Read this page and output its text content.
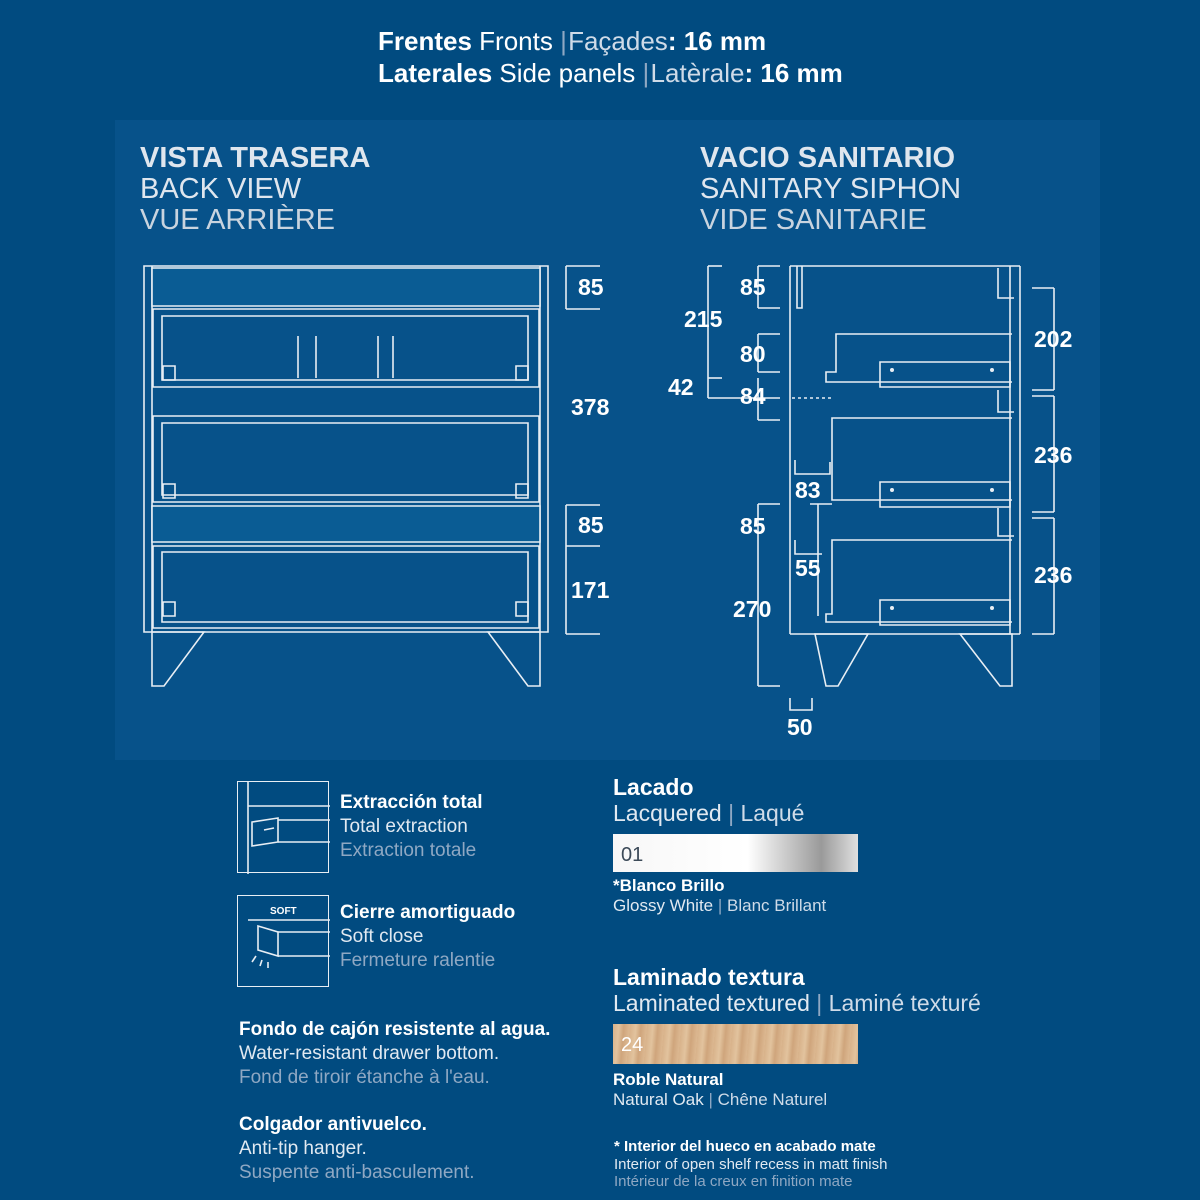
Frentes Fronts | Façades: 16 mm
Laterales Side panels | Latèrale: 16 mm
VISTA TRASERA
BACK VIEW
VUE ARRIÈRE
VACIO SANITARIO
SANITARY SIPHON
VIDE SANITARIE
85
378
85
171
215
85
80
42 84
85
270
50
83
55
202
236
236
SOFT
Extracción total
Total extraction
Extraction totale
Cierre amortiguado
Soft close
Fermeture ralentie
Fondo de cajón resistente al agua.
Water-resistant drawer bottom.
Fond de tiroir étanche à l'eau.
Colgador antivuelco.
Anti-tip hanger.
Suspente anti-basculement.
Lacado
Lacquered | Laqué
01
*Blanco Brillo
Glossy White | Blanc Brillant
Laminado textura
Laminated textured | Laminé texturé
24
Roble Natural
Natural Oak | Chêne Naturel
* Interior del hueco en acabado mate
Interior of open shelf recess in matt finish
Intérieur de la creux en finition mate
